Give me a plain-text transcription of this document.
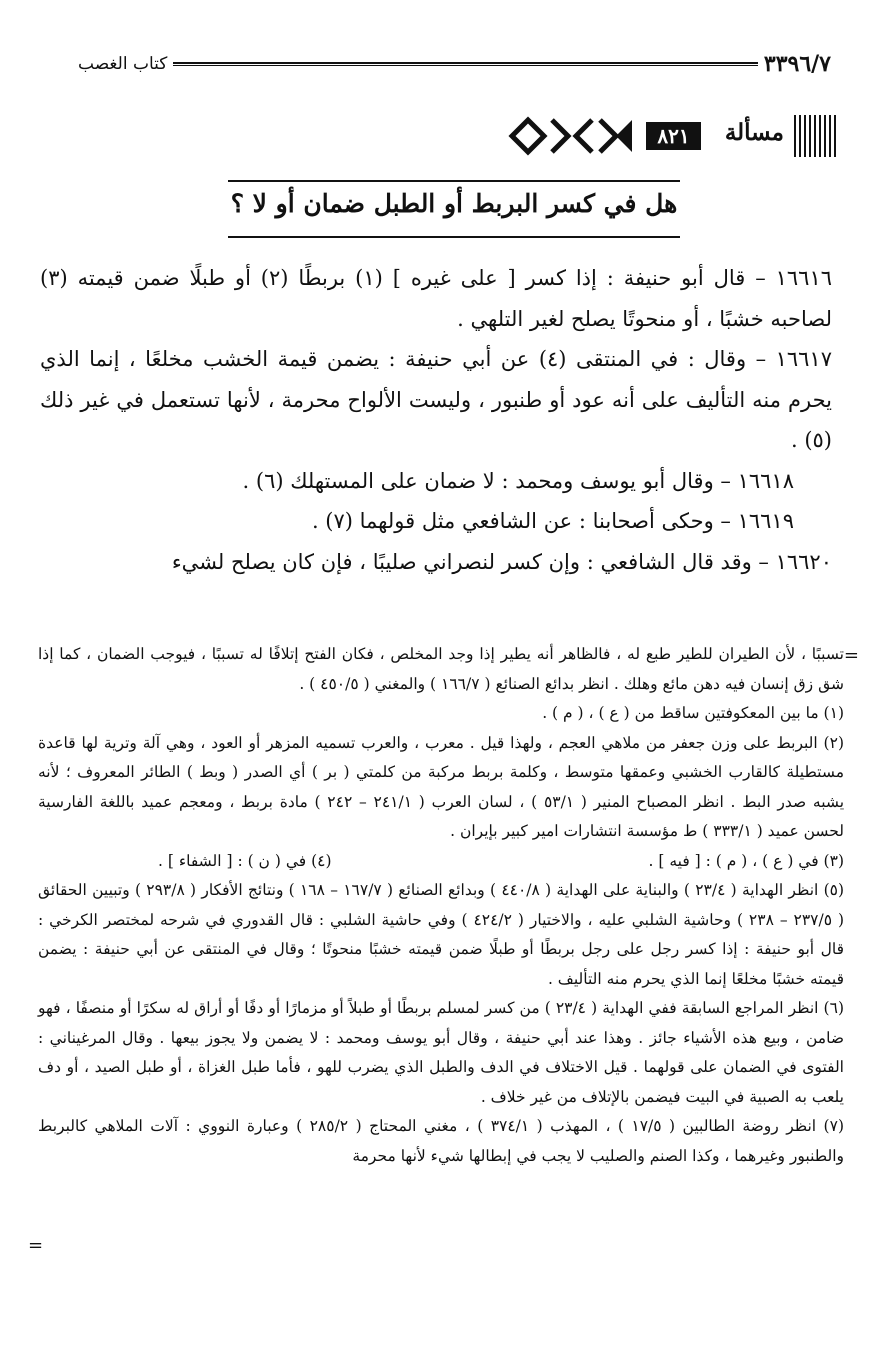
٣٣٩٦/٧
كتاب الغصب
مسألة
٨٢١
هل في كسر البربط أو الطبل ضمان أو لا ؟

١٦٦١٦ – قال أبو حنيفة : إذا كسر [ على غيره ] (١) بربطًا (٢) أو طبلًا ضمن قيمته (٣) لصاحبه خشبًا ، أو منحوتًا يصلح لغير التلهي .

١٦٦١٧ – وقال : في المنتقى (٤) عن أبي حنيفة : يضمن قيمة الخشب مخلعًا ، إنما الذي يحرم منه التأليف على أنه عود أو طنبور ، وليست الألواح محرمة ، لأنها تستعمل في غير ذلك (٥) .

١٦٦١٨ – وقال أبو يوسف ومحمد : لا ضمان على المستهلك (٦) .

١٦٦١٩ – وحكى أصحابنا : عن الشافعي مثل قولهما (٧) .

١٦٦٢٠ – وقد قال الشافعي : وإن كسر لنصراني صليبًا ، فإن كان يصلح لشيء

=

تسببًا ، لأن الطيران للطير طبع له ، فالظاهر أنه يطير إذا وجد المخلص ، فكان الفتح إتلافًا له تسببًا ، فيوجب الضمان ، كما إذا شق زق إنسان فيه دهن مائع وهلك . انظر بدائع الصنائع ( ١٦٦/٧ ) والمغني ( ٤٥٠/٥ ) .

(١) ما بين المعكوفتين ساقط من ( ع ) ، ( م ) .

(٢) البربط على وزن جعفر من ملاهي العجم ، ولهذا قيل . معرب ، والعرب تسميه المزهر أو العود ، وهي آلة وترية لها قاعدة مستطيلة كالقارب الخشبي وعمقها متوسط ، وكلمة بربط مركبة من كلمتي ( بر ) أي الصدر ( وبط ) الطائر المعروف ؛ لأنه يشبه صدر البط . انظر المصباح المنير ( ٥٣/١ ) ، لسان العرب ( ٢٤١/١ – ٢٤٢ ) مادة بربط ، ومعجم عميد باللغة الفارسية لحسن عميد ( ٣٣٣/١ ) ط مؤسسة انتشارات امير كبير بإيران .

(٣) في ( ع ) ، ( م ) : [ فيه ] .
(٤) في ( ن ) : [ الشفاء ] .

(٥) انظر الهداية ( ٢٣/٤ ) والبناية على الهداية ( ٤٤٠/٨ ) وبدائع الصنائع ( ١٦٧/٧ – ١٦٨ ) ونتائج الأفكار ( ٢٩٣/٨ ) وتبيين الحقائق ( ٢٣٧/٥ – ٢٣٨ ) وحاشية الشلبي عليه ، والاختيار ( ٤٢٤/٢ ) وفي حاشية الشلبي : قال القدوري في شرحه لمختصر الكرخي : قال أبو حنيفة : إذا كسر رجل على رجل بربطًا أو طبلًا ضمن قيمته خشبًا منحوتًا ؛ وقال في المنتقى عن أبي حنيفة : يضمن قيمته خشبًا مخلعًا إنما الذي يحرم منه التأليف .

(٦) انظر المراجع السابقة ففي الهداية ( ٢٣/٤ ) من كسر لمسلم بربطًا أو طبلاً أو مزمارًا أو دفًا أو أراق له سكرًا أو منصفًا ، فهو ضامن ، وبيع هذه الأشياء جائز . وهذا عند أبي حنيفة ، وقال أبو يوسف ومحمد : لا يضمن ولا يجوز بيعها . وقال المرغيناني : الفتوى في الضمان على قولهما . قيل الاختلاف في الدف والطبل الذي يضرب للهو ، فأما طبل الغزاة ، أو طبل الصيد ، أو دف يلعب به الصبية في البيت فيضمن بالإتلاف من غير خلاف .

(٧) انظر روضة الطالبين ( ١٧/٥ ) ، المهذب ( ٣٧٤/١ ) ، مغني المحتاج ( ٢٨٥/٢ ) وعبارة النووي : آلات الملاهي كالبربط والطنبور وغيرهما ، وكذا الصنم والصليب لا يجب في إبطالها شيء لأنها محرمة

=
